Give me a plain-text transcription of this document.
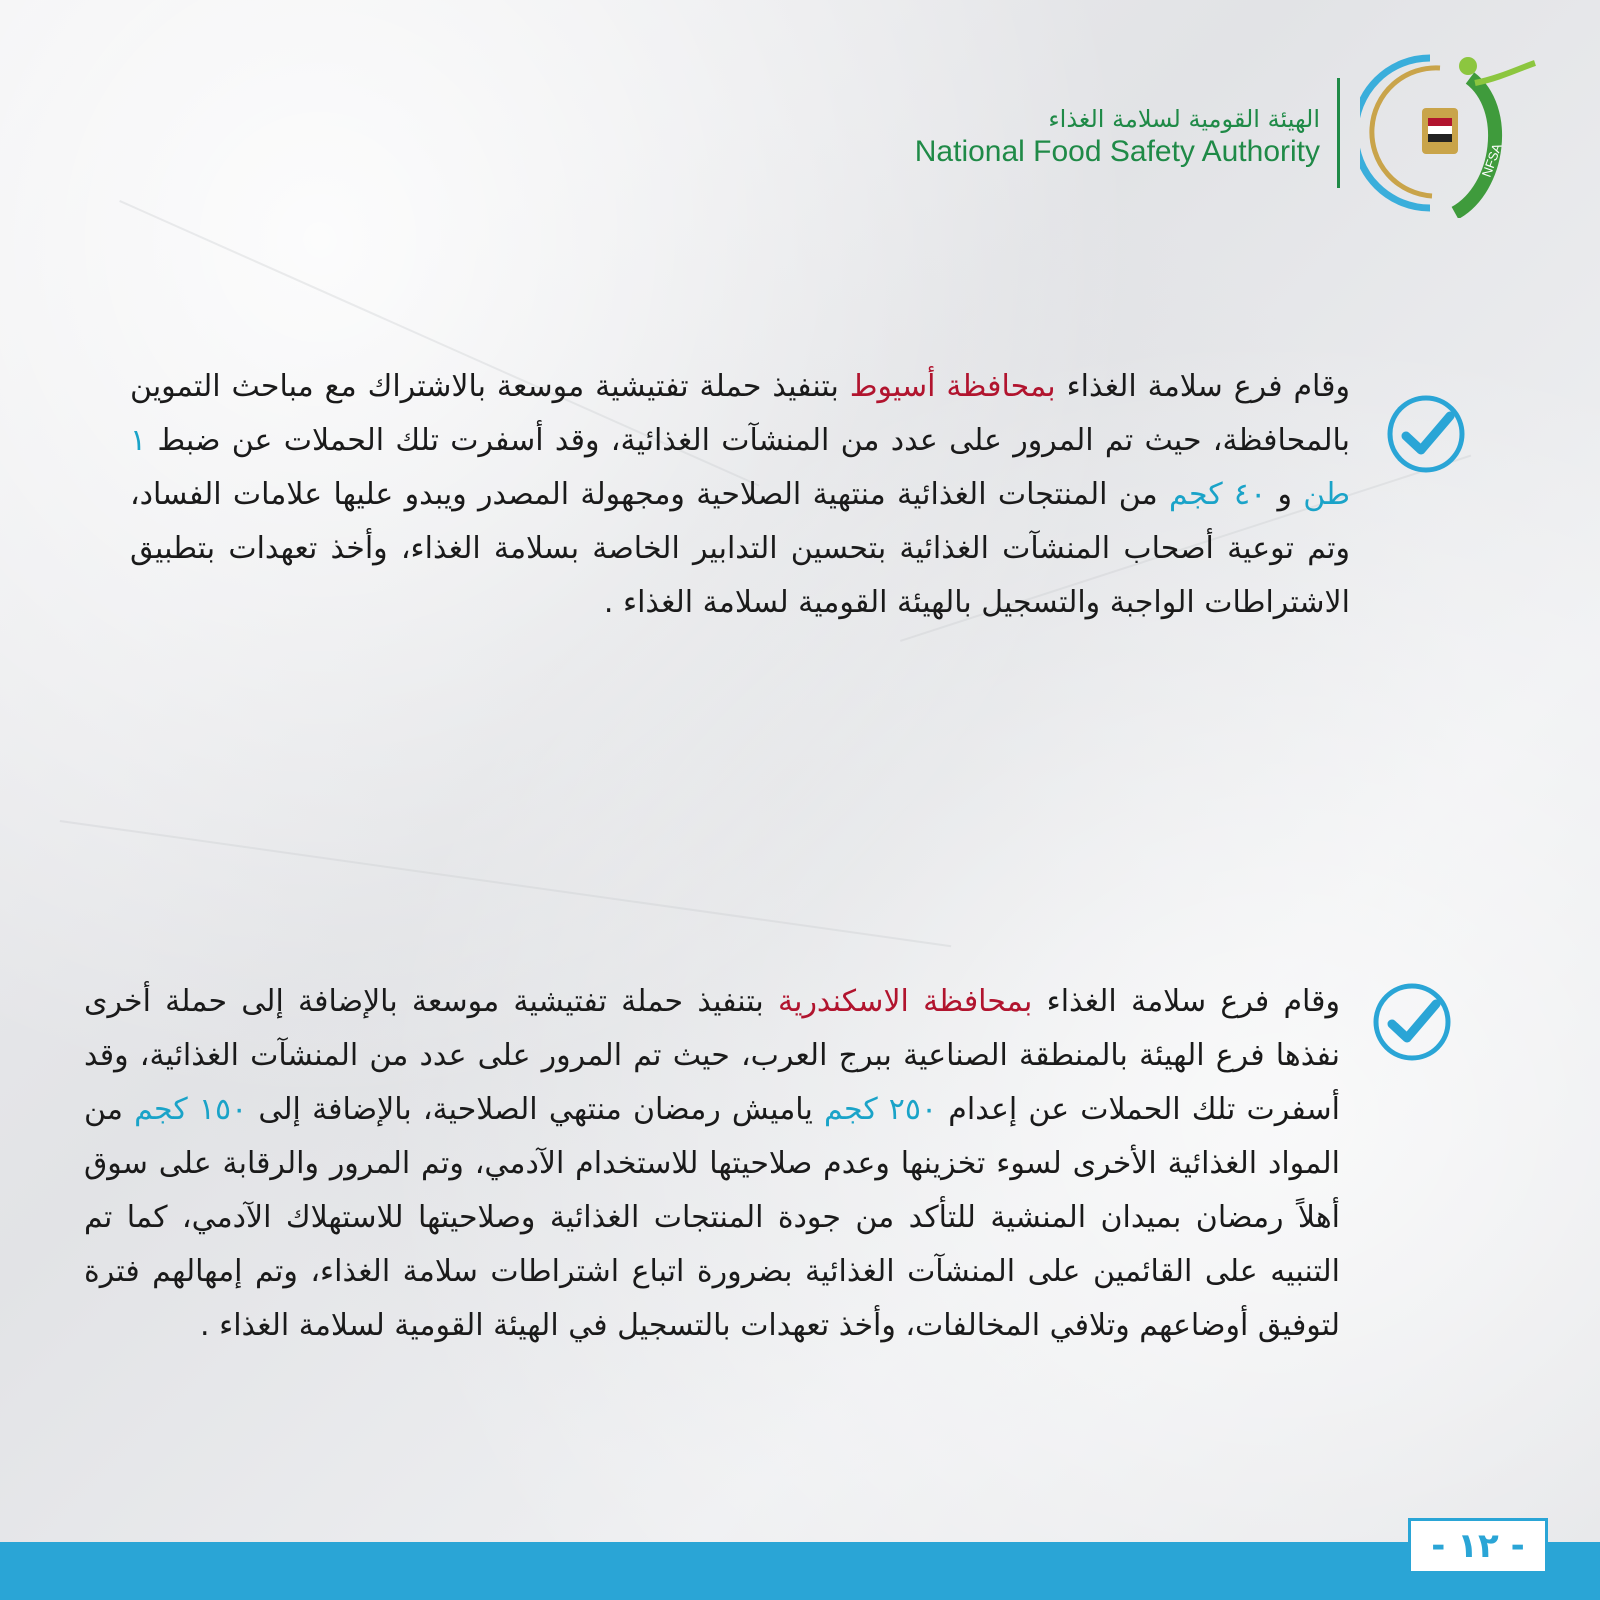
الهيئة القومية لسلامة الغذاء
National Food Safety Authority	NFSA

وقام فرع سلامة الغذاء بمحافظة أسيوط بتنفيذ حملة تفتيشية موسعة بالاشتراك مع مباحث التموين بالمحافظة، حيث تم المرور على عدد من المنشآت الغذائية، وقد أسفرت تلك الحملات عن ضبط ١ طن و ٤٠ كجم من المنتجات الغذائية منتهية الصلاحية ومجهولة المصدر ويبدو عليها علامات الفساد، وتم توعية أصحاب المنشآت الغذائية بتحسين التدابير الخاصة بسلامة الغذاء، وأخذ تعهدات بتطبيق الاشتراطات الواجبة والتسجيل بالهيئة القومية لسلامة الغذاء .

وقام فرع سلامة الغذاء بمحافظة الاسكندرية بتنفيذ حملة تفتيشية موسعة بالإضافة إلى حملة أخرى نفذها فرع الهيئة بالمنطقة الصناعية ببرج العرب، حيث تم المرور على عدد من المنشآت الغذائية، وقد أسفرت تلك الحملات عن إعدام ٢٥٠ كجم ياميش رمضان منتهي الصلاحية، بالإضافة إلى ١٥٠ كجم من المواد الغذائية الأخرى لسوء تخزينها وعدم صلاحيتها للاستخدام الآدمي، وتم المرور والرقابة على سوق أهلاً رمضان بميدان المنشية للتأكد من جودة المنتجات الغذائية وصلاحيتها للاستهلاك الآدمي، كما تم التنبيه على القائمين على المنشآت الغذائية بضرورة اتباع اشتراطات سلامة الغذاء، وتم إمهالهم فترة لتوفيق أوضاعهم وتلافي المخالفات، وأخذ تعهدات بالتسجيل في الهيئة القومية لسلامة الغذاء .

- ١٢ -
